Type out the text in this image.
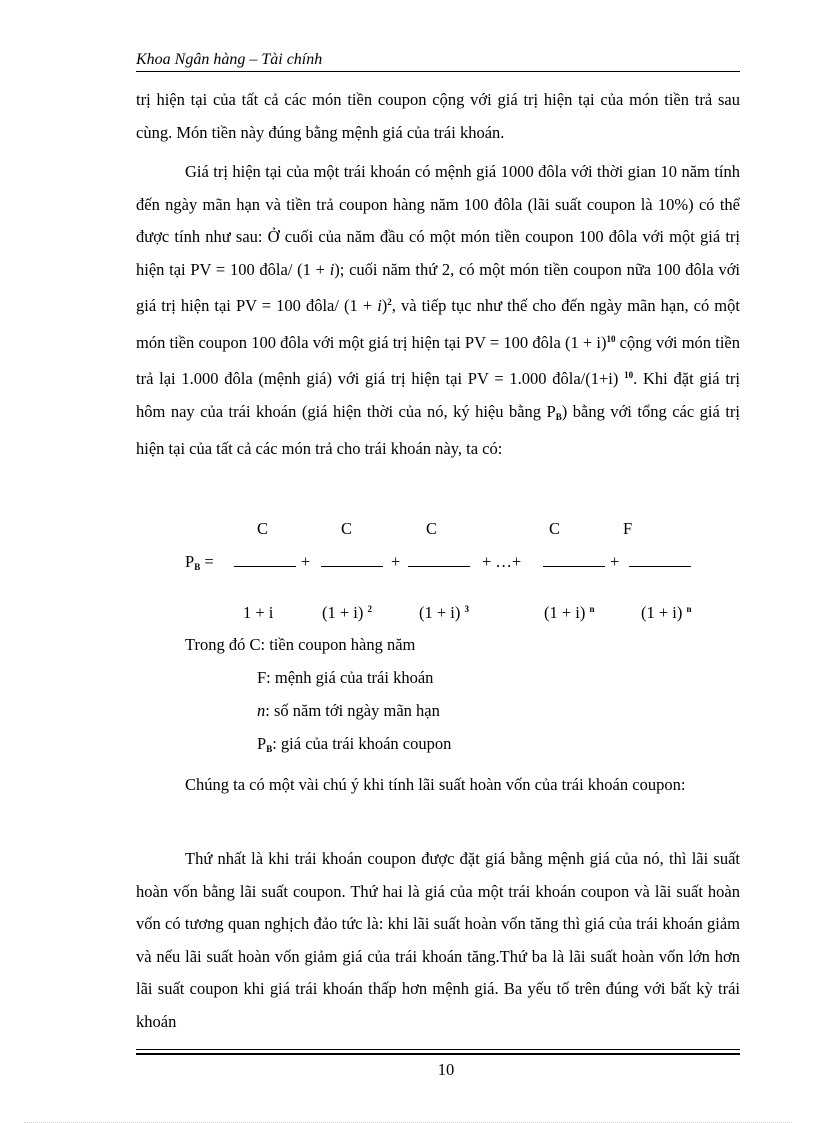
Khoa Ngân hàng – Tài chính

trị hiện tại của tất cả các món tiền coupon cộng với giá trị hiện tại của món tiền trả sau cùng. Món tiền này đúng bằng mệnh giá của trái khoán.

Giá trị hiện tại của một trái khoán có mệnh giá 1000 đôla với thời gian 10 năm tính đến ngày mãn hạn và tiền trả coupon hàng năm 100 đôla (lãi suất coupon là 10%) có thể được tính như sau: Ở cuối của năm đầu có một món tiền coupon 100 đôla với một giá trị hiện tại PV = 100 đôla/ (1 + i); cuối năm thứ 2, có một món tiền coupon nữa 100 đôla với giá trị hiện tại PV = 100 đôla/ $(1 + i)^2$, và tiếp tục như thế cho đến ngày mãn hạn, có một món tiền coupon 100 đôla với một giá trị hiện tại PV = 100 đôla $(1 + i)^{10}$ cộng với món tiền trả lại 1.000 đôla (mệnh giá) với giá trị hiện tại PV = 1.000 đôla/(1+i) $^{10}$. Khi đặt giá trị hôm nay của trái khoán (giá hiện thời của nó, ký hiệu bằng $P_B$) bằng với tổng các giá trị hiện tại của tất cả các món trả cho trái khoán này, ta có:

C	C	C	C	F
$P_B$ =	+	+	+ …+	+
1 + i	(1 + i) $^2$	(1 + i) $^3$	(1 + i) $^n$	(1 + i) $^n$
Trong đó C: tiền coupon hàng năm
F: mệnh giá của trái khoán
n: số năm tới ngày mãn hạn
$P_B$: giá của trái khoán coupon

Chúng ta có một vài chú ý khi tính lãi suất hoàn vốn của trái khoán coupon:

Thứ nhất là khi trái khoán coupon được đặt giá bằng mệnh giá của nó, thì lãi suất hoàn vốn bằng lãi suất coupon. Thứ hai là giá của một trái khoán coupon và lãi suất hoàn vốn có tương quan nghịch đảo tức là: khi lãi suất hoàn vốn tăng thì giá của trái khoán giảm và nếu lãi suất hoàn vốn giảm giá của trái khoán tăng.Thứ ba là lãi suất hoàn vốn lớn hơn lãi suất coupon khi giá trái khoán thấp hơn mệnh giá. Ba yếu tố trên đúng với bất kỳ trái khoán

10
